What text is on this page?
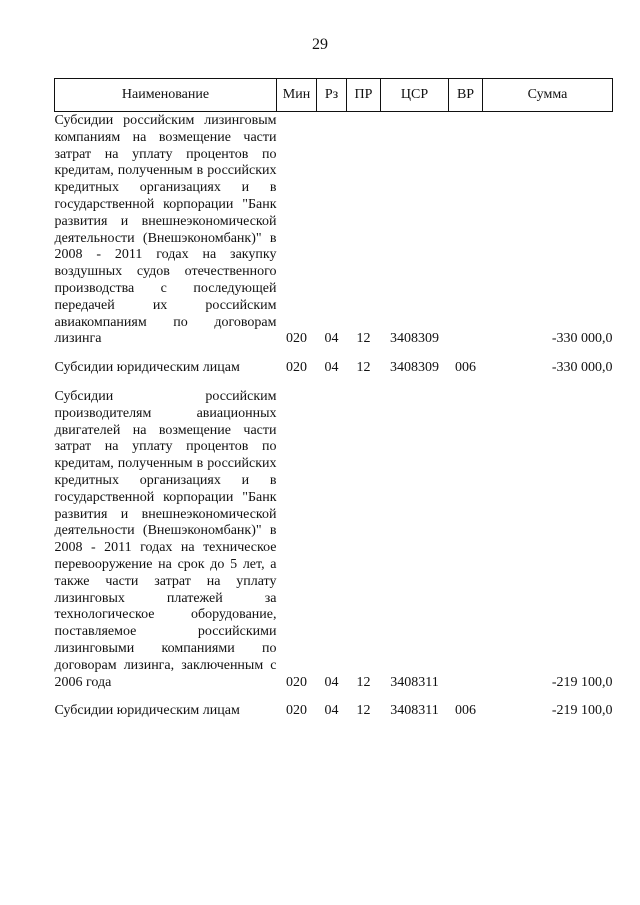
29
Наименование	Мин	Рз	ПР	ЦСР	ВР	Сумма
Субсидии российским лизинговым компаниям на возмещение части затрат на уплату процентов по кредитам, полученным в российских кредитных организациях и в государственной корпорации "Банк развития и внешнеэкономической деятельности (Внешэкономбанк)" в 2008 - 2011 годах на закупку воздушных судов отечественного производства с последующей передачей их российским авиакомпаниям по договорам лизинга	020	04	12	3408309		-330 000,0

Субсидии юридическим лицам	020	04	12	3408309	006	-330 000,0

Субсидии российским производителям авиационных двигателей на возмещение части затрат на уплату процентов по кредитам, полученным в российских кредитных организациях и в государственной корпорации "Банк развития и внешнеэкономической деятельности (Внешэкономбанк)" в 2008 - 2011 годах на техническое перевооружение на срок до 5 лет, а также части затрат на уплату лизинговых платежей за технологическое оборудование, поставляемое российскими лизинговыми компаниями по договорам лизинга, заключенным с 2006 года	020	04	12	3408311		-219 100,0

Субсидии юридическим лицам	020	04	12	3408311	006	-219 100,0
